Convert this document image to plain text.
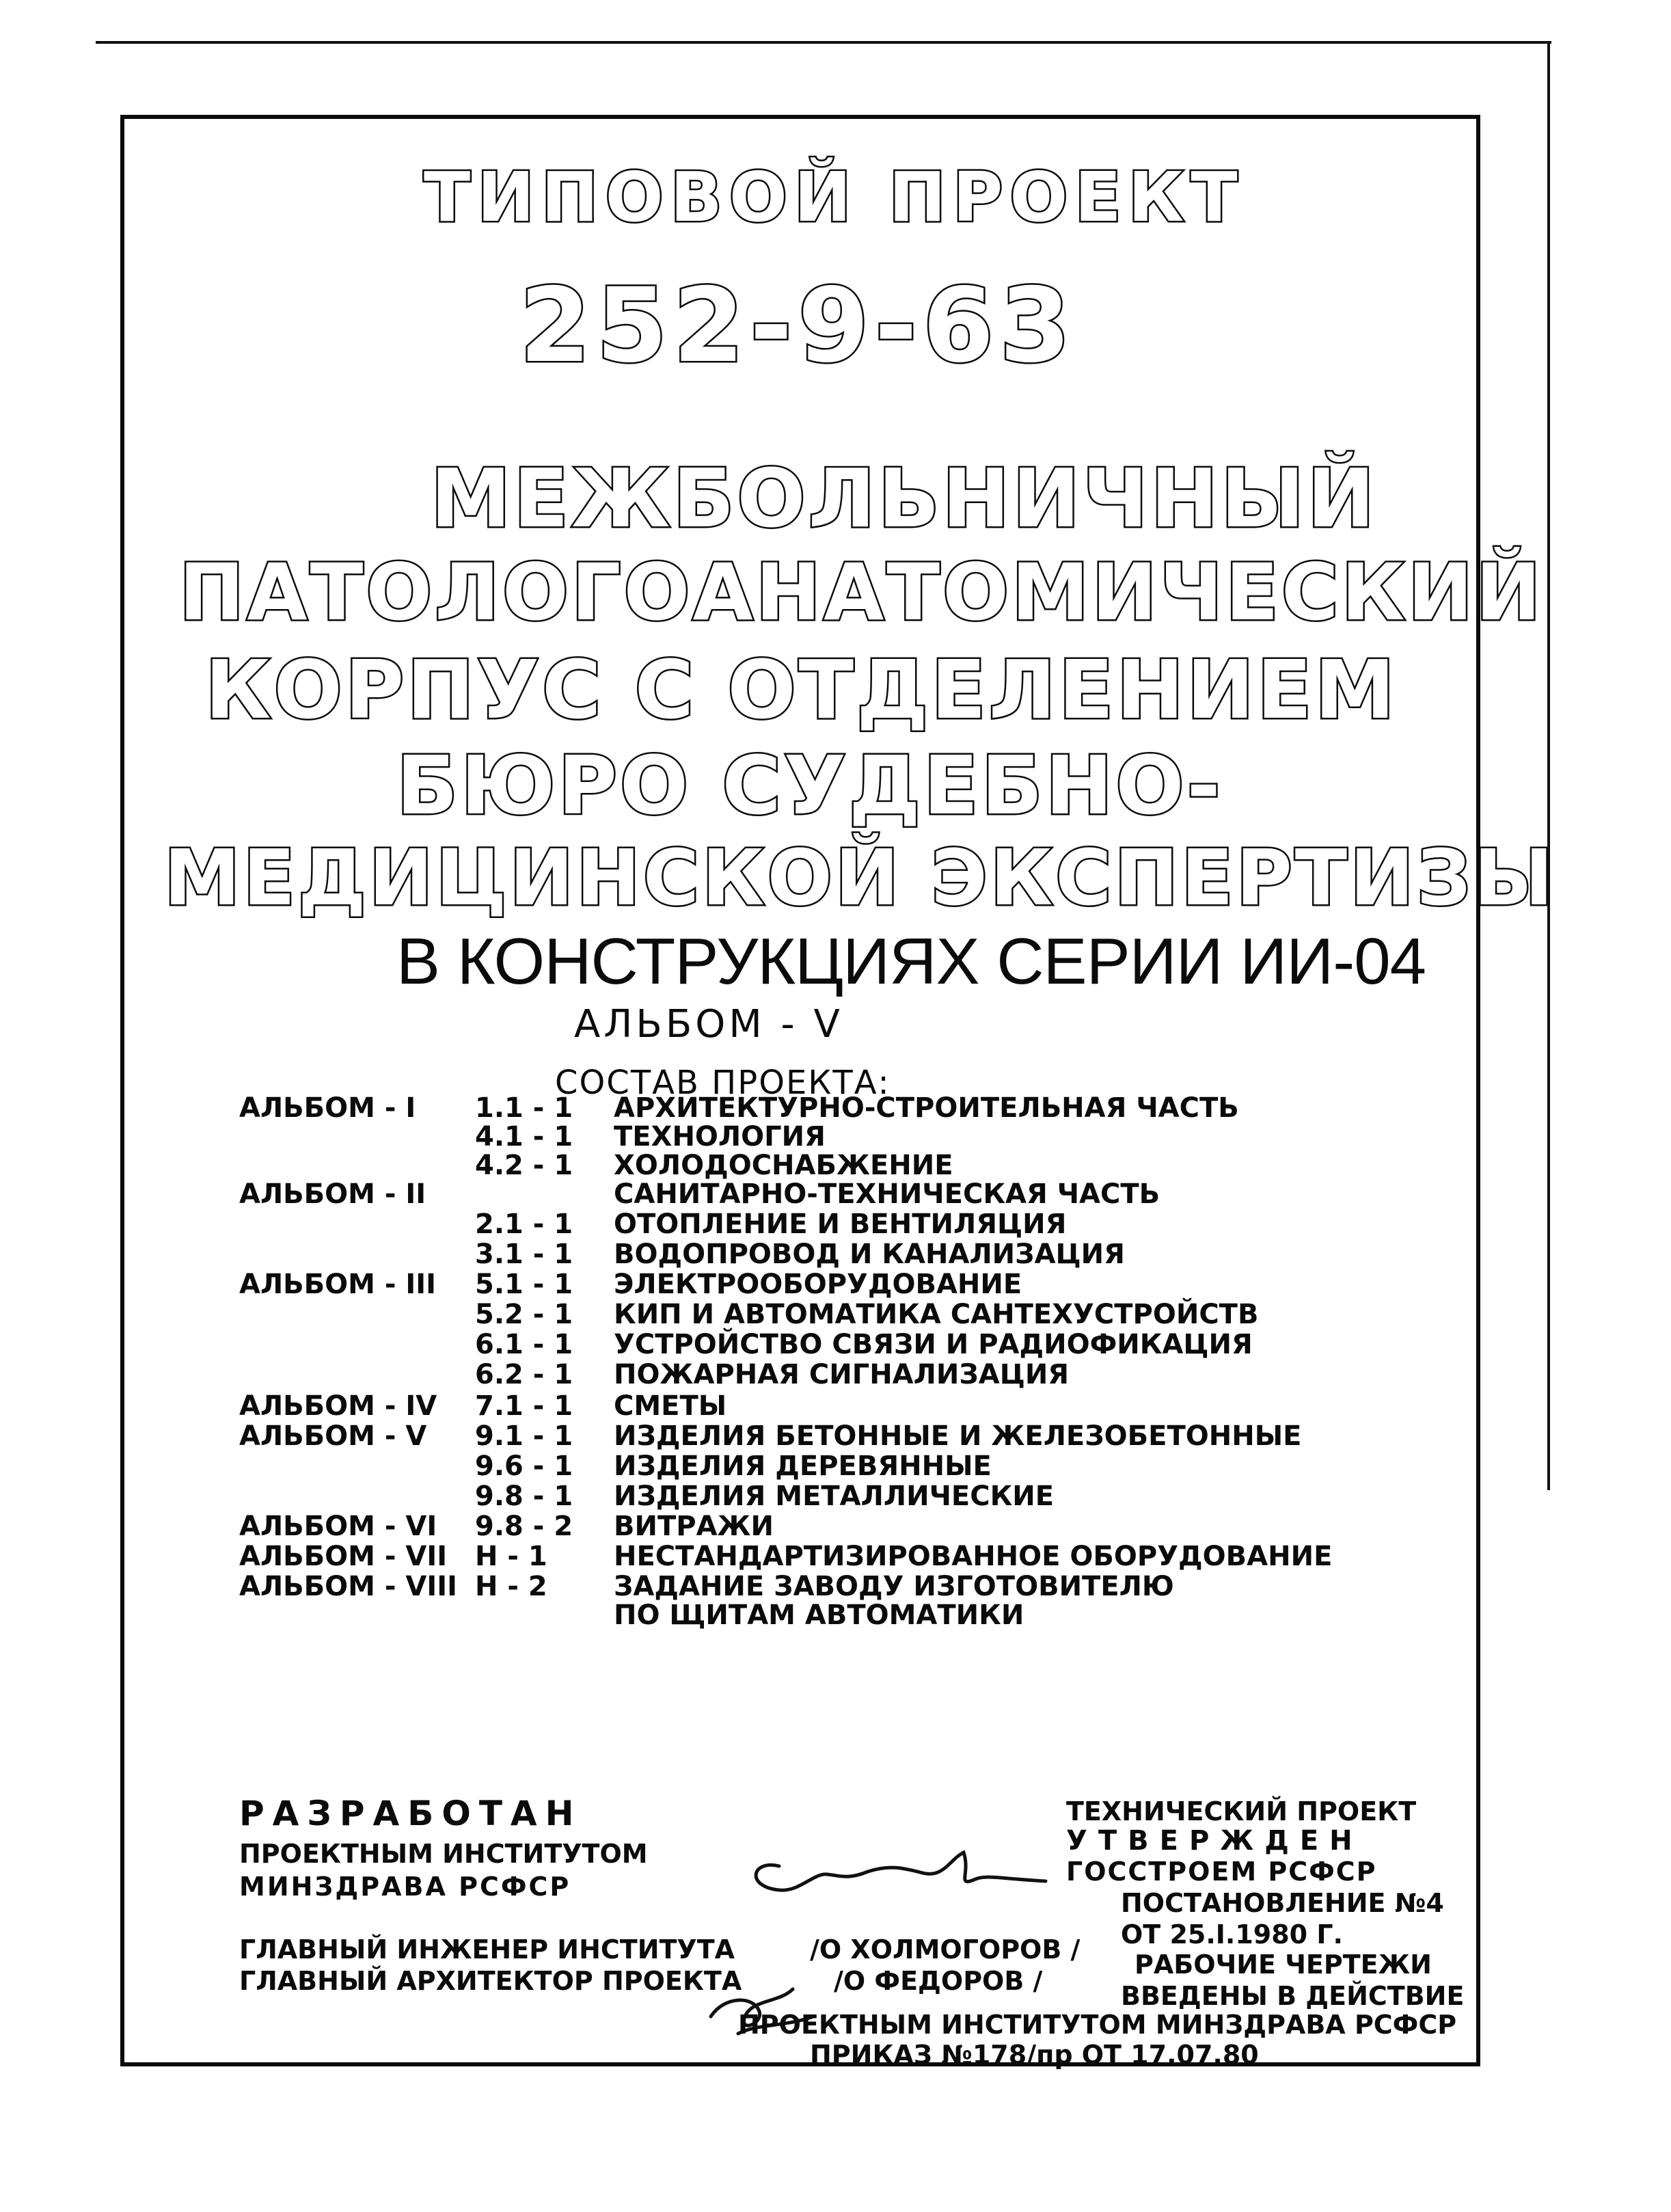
ТИПОВОЙ ПРОЕКТ
252-9-63
МЕЖБОЛЬНИЧНЫЙ
ПАТОЛОГОАНАТОМИЧЕСКИЙ
КОРПУС С ОТДЕЛЕНИЕМ
БЮРО СУДЕБНО-
МЕДИЦИНСКОЙ ЭКСПЕРТИЗЫ
В КОНСТРУКЦИЯХ СЕРИИ ИИ-04
АЛЬБОМ - V
СОСТАВ ПРОЕКТА:
АЛЬБОМ - I 1.1 - 1 АРХИТЕКТУРНО-СТРОИТЕЛЬНАЯ ЧАСТЬ
4.1 - 1 ТЕХНОЛОГИЯ
4.2 - 1 ХОЛОДОСНАБЖЕНИЕ
АЛЬБОМ - II	САНИТАРНО-ТЕХНИЧЕСКАЯ ЧАСТЬ
2.1 - 1 ОТОПЛЕНИЕ И ВЕНТИЛЯЦИЯ
3.1 - 1 ВОДОПРОВОД И КАНАЛИЗАЦИЯ
АЛЬБОМ - III 5.1 - 1 ЭЛЕКТРООБОРУДОВАНИЕ
5.2 - 1 КИП И АВТОМАТИКА САНТЕХУСТРОЙСТВ
6.1 - 1 УСТРОЙСТВО СВЯЗИ И РАДИОФИКАЦИЯ
6.2 - 1 ПОЖАРНАЯ СИГНАЛИЗАЦИЯ
АЛЬБОМ - IV 7.1 - 1 СМЕТЫ
АЛЬБОМ - V 9.1 - 1 ИЗДЕЛИЯ БЕТОННЫЕ И ЖЕЛЕЗОБЕТОННЫЕ
9.6 - 1 ИЗДЕЛИЯ ДЕРЕВЯННЫЕ
9.8 - 1 ИЗДЕЛИЯ МЕТАЛЛИЧЕСКИЕ
АЛЬБОМ - VI 9.8 - 2 ВИТРАЖИ
АЛЬБОМ - VII Н - 1 НЕСТАНДАРТИЗИРОВАННОЕ ОБОРУДОВАНИЕ
АЛЬБОМ - VIII Н - 2 ЗАДАНИЕ ЗАВОДУ ИЗГОТОВИТЕЛЮ
ПО ЩИТАМ АВТОМАТИКИ
РАЗРАБОТАН
ПРОЕКТНЫМ ИНСТИТУТОМ
МИНЗДРАВА РСФСР
ГЛАВНЫЙ ИНЖЕНЕР ИНСТИТУТА
ГЛАВНЫЙ АРХИТЕКТОР ПРОЕКТА
/О ХОЛМОГОРОВ /
/О ФЕДОРОВ /
ТЕХНИЧЕСКИЙ ПРОЕКТ
УТВЕРЖДЕН
ГОССТРОЕМ РСФСР
ПОСТАНОВЛЕНИЕ №4
ОТ 25.I.1980 Г.
РАБОЧИЕ ЧЕРТЕЖИ
ВВЕДЕНЫ В ДЕЙСТВИЕ
ПРОЕКТНЫМ ИНСТИТУТОМ МИНЗДРАВА РСФСР
ПРИКАЗ №178/пр ОТ 17.07.80
